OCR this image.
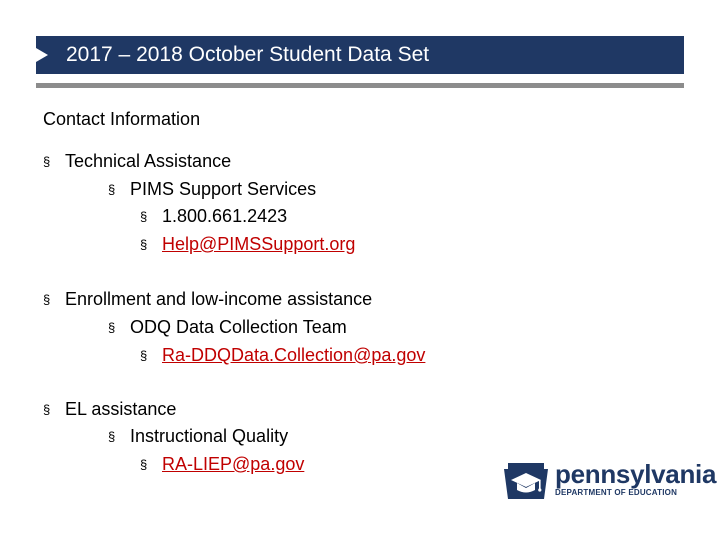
2017 – 2018 October Student Data Set
Contact Information
§ Technical Assistance
§ PIMS Support Services
§ 1.800.661.2423
§ Help@PIMSSupport.org
§ Enrollment and low-income assistance
§ ODQ Data Collection Team
§ Ra-DDQData.Collection@pa.gov
§ EL assistance
§ Instructional Quality
§ RA-LIEP@pa.gov	pennsylvania
DEPARTMENT OF EDUCATION
